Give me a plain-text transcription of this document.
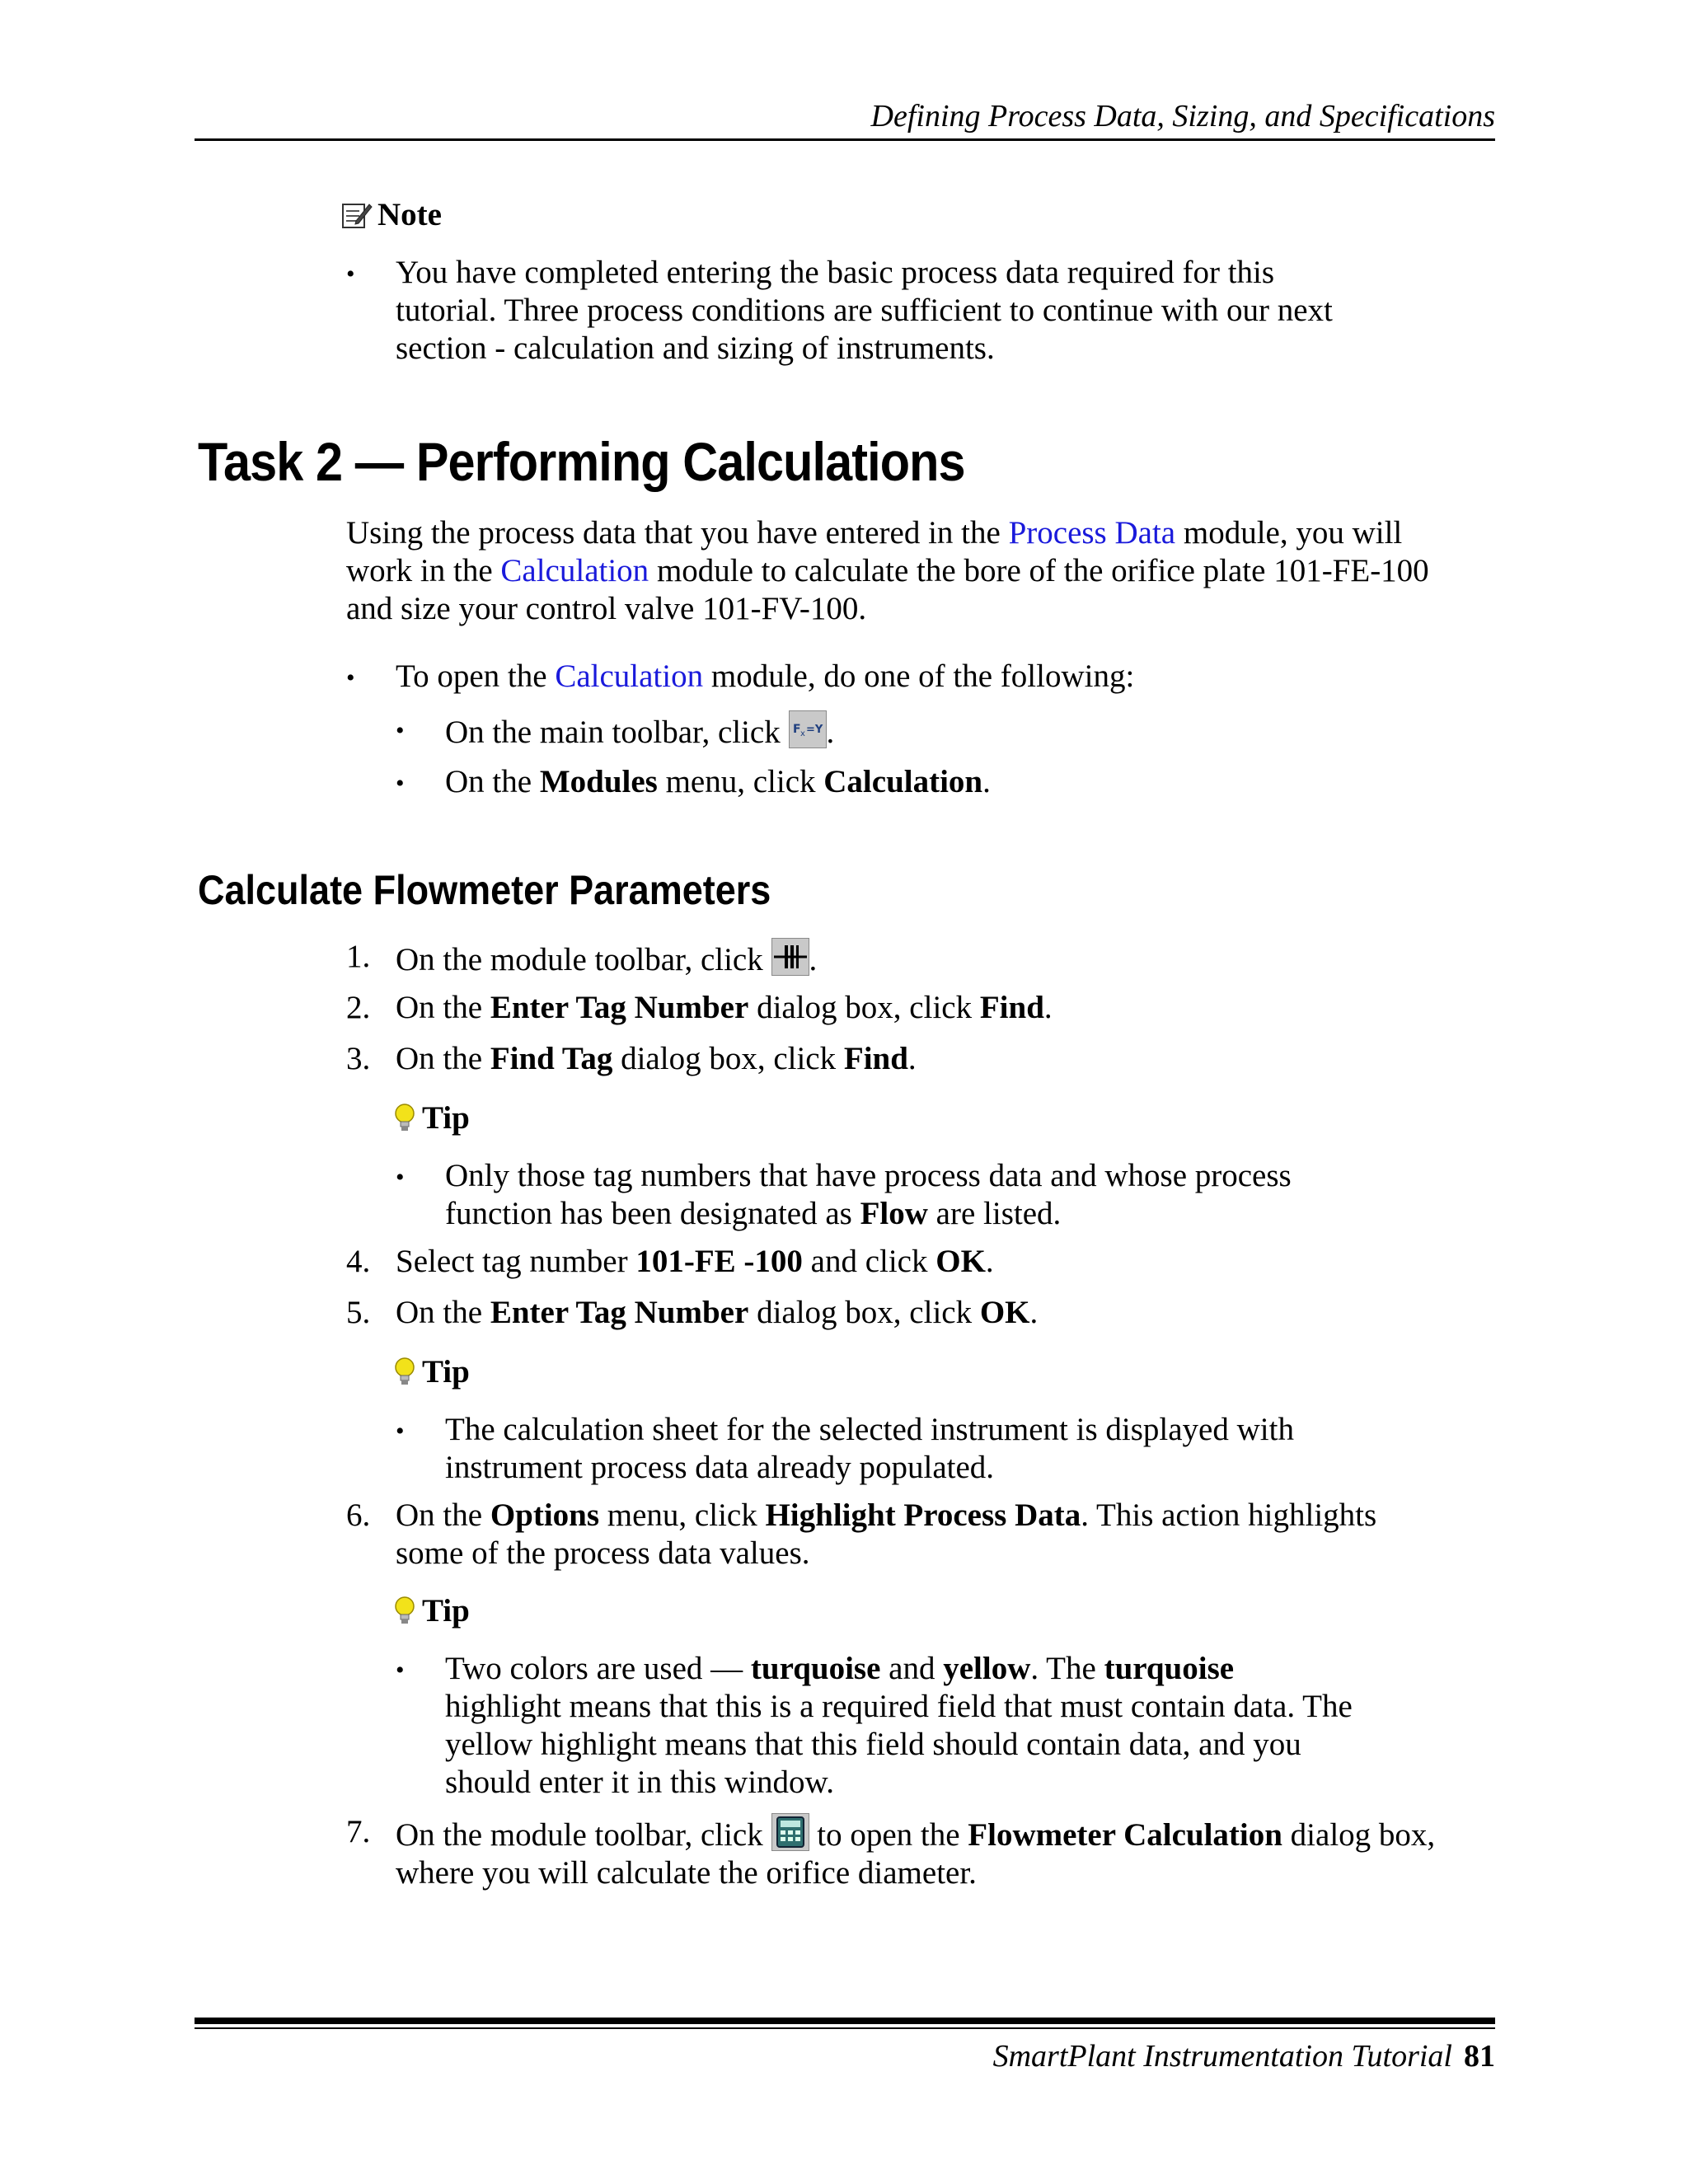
Defining Process Data, Sizing, and Specifications
Note
• You have completed entering the basic process data required for this
tutorial. Three process conditions are sufficient to continue with our next
section - calculation and sizing of instruments.
Task 2 — Performing Calculations
Using the process data that you have entered in the Process Data module, you will
work in the Calculation module to calculate the bore of the orifice plate 101-FE-100
and size your control valve 101-FV-100.
• To open the Calculation module, do one of the following:
• On the main toolbar, click F x =Y .
• On the Modules menu, click Calculation.
Calculate Flowmeter Parameters
1. On the module toolbar, click .
2. On the Enter Tag Number dialog box, click Find.
3. On the Find Tag dialog box, click Find.
Tip
• Only those tag numbers that have process data and whose process
function has been designated as Flow are listed.
4. Select tag number 101-FE -100 and click OK.
5. On the Enter Tag Number dialog box, click OK.
Tip
• The calculation sheet for the selected instrument is displayed with
instrument process data already populated.
6. On the Options menu, click Highlight Process Data. This action highlights
some of the process data values.
Tip
• Two colors are used — turquoise and yellow. The turquoise
highlight means that this is a required field that must contain data. The
yellow highlight means that this field should contain data, and you
should enter it in this window.
7. On the module toolbar, click  to open the Flowmeter Calculation dialog box,
where you will calculate the orifice diameter.
SmartPlant Instrumentation Tutorial 81
